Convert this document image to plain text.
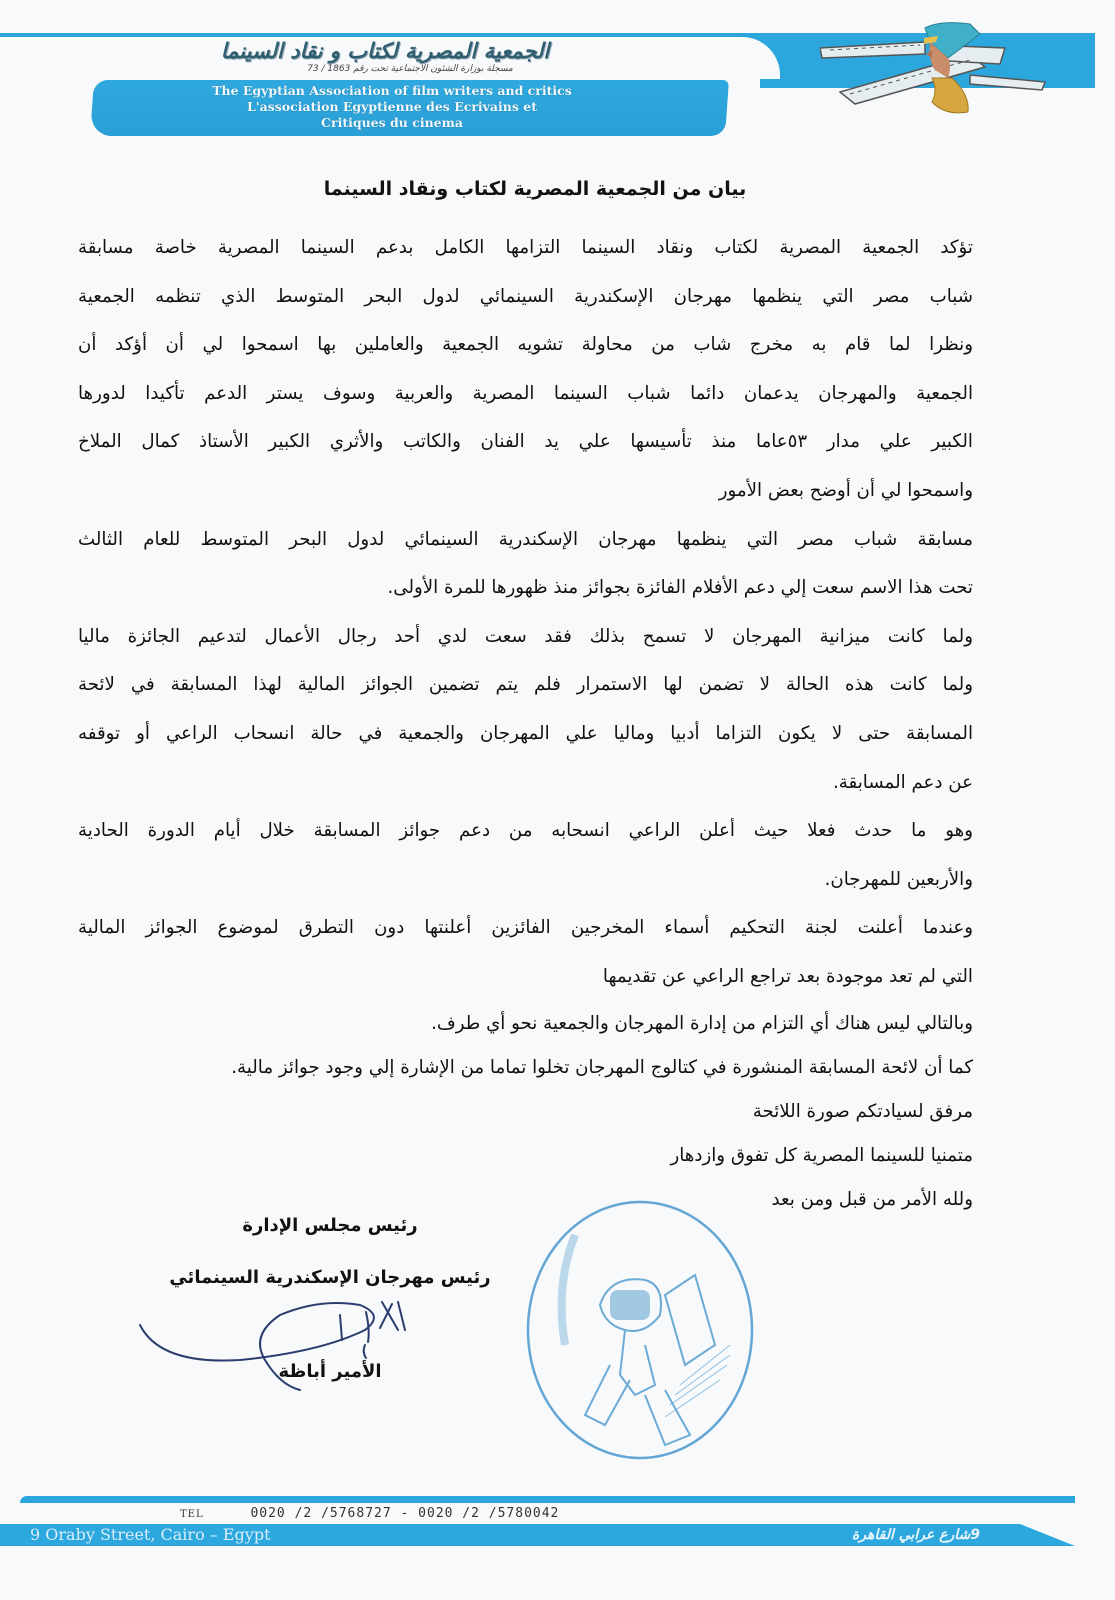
الجمعية المصرية لكتاب و نقاد السينما
مسجلة بوزارة الشئون الاجتماعية تحت رقم 1863 / 73
The Egyptian Association of film writers and critics
L'association Egyptienne des Ecrivains et
Critiques du cinema
بيان من الجمعية المصرية لكتاب ونقاد السينما
تؤكد الجمعية المصرية لكتاب ونقاد السينما التزامها الكامل بدعم السينما المصرية خاصة مسابقة
شباب مصر التي ينظمها مهرجان الإسكندرية السينمائي لدول البحر المتوسط الذي تنظمه الجمعية
ونظرا لما قام به مخرج شاب من محاولة تشويه الجمعية والعاملين بها اسمحوا لي أن أؤكد أن
الجمعية والمهرجان يدعمان دائما شباب السينما المصرية والعربية وسوف يستر الدعم تأكيدا لدورها
الكبير علي مدار ٥٣عاما منذ تأسيسها علي يد الفنان والكاتب والأثري الكبير الأستاذ كمال الملاخ
واسمحوا لي أن أوضح بعض الأمور
مسابقة شباب مصر التي ينظمها مهرجان الإسكندرية السينمائي لدول البحر المتوسط للعام الثالث
تحت هذا الاسم سعت إلي دعم الأفلام الفائزة بجوائز منذ ظهورها للمرة الأولى.
ولما كانت ميزانية المهرجان لا تسمح بذلك فقد سعت لدي أحد رجال الأعمال لتدعيم الجائزة ماليا
ولما كانت هذه الحالة لا تضمن لها الاستمرار فلم يتم تضمين الجوائز المالية لهذا المسابقة في لائحة
المسابقة حتى لا يكون التزاما أدبيا وماليا علي المهرجان والجمعية في حالة انسحاب الراعي أو توقفه
عن دعم المسابقة.
وهو ما حدث فعلا حيث أعلن الراعي انسحابه من دعم جوائز المسابقة خلال أيام الدورة الحادية
والأربعين للمهرجان.
وعندما أعلنت لجنة التحكيم أسماء المخرجين الفائزين أعلنتها دون التطرق لموضوع الجوائز المالية
التي لم تعد موجودة بعد تراجع الراعي عن تقديمها
وبالتالي ليس هناك أي التزام من إدارة المهرجان والجمعية نحو أي طرف.
كما أن لائحة المسابقة المنشورة في كتالوج المهرجان تخلوا تماما من الإشارة إلي وجود جوائز مالية.
مرفق لسيادتكم صورة اللائحة
متمنيا للسينما المصرية كل تفوق وازدهار
ولله الأمر من قبل ومن بعد
رئيس مجلس الإدارة
رئيس مهرجان الإسكندرية السينمائي
الأمير أباظة
TEL	0020 /2 /5768727 - 0020 /2 /5780042
9 Oraby Street, Cairo – Egypt	9شارع عرابي القاهرة
